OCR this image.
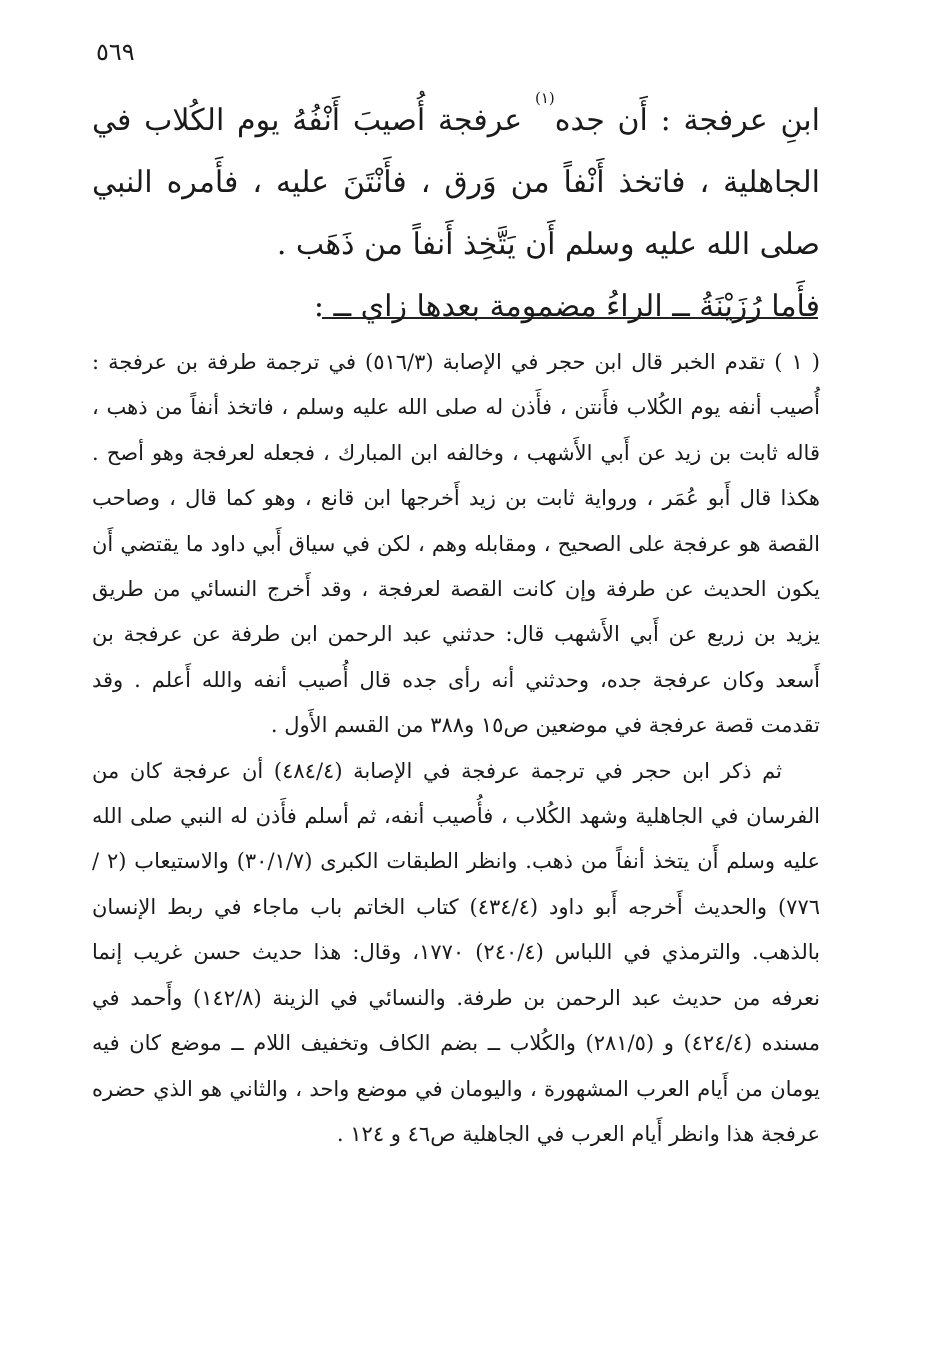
٥٦٩

ابنِ عرفجة : أَن جده$^{(١)}$ عرفجة أُصيبَ أَنْفُهُ يوم الكُلاب في الجاهلية ، فاتخذ أَنْفاً من وَرق ، فأَنْتَنَ عليه ، فأَمره النبي صلى الله عليه وسلم أَن يَتَّخِذ أَنفاً من ذَهَب .

فأَما رُزَيْنَةُ ــ الراءُ مضمومة بعدها زاي ــ :

( ١ ) تقدم الخبر قال ابن حجر في الإصابة (٥١٦/٣) في ترجمة طرفة بن عرفجة : أُصيب أنفه يوم الكُلاب فأَنتن ، فأَذن له صلى الله عليه وسلم ، فاتخذ أنفاً من ذهب ، قاله ثابت بن زيد عن أَبي الأَشهب ، وخالفه ابن المبارك ، فجعله لعرفجة وهو أصح . هكذا قال أَبو عُمَر ، ورواية ثابت بن زيد أَخرجها ابن قانع ، وهو كما قال ، وصاحب القصة هو عرفجة على الصحيح ، ومقابله وهم ، لكن في سياق أَبي داود ما يقتضي أَن يكون الحديث عن طرفة وإن كانت القصة لعرفجة ، وقد أَخرج النسائي من طريق يزيد بن زريع عن أَبي الأَشهب قال: حدثني عبد الرحمن ابن طرفة عن عرفجة بن أَسعد وكان عرفجة جده، وحدثني أنه رأى جده قال أُصيب أنفه والله أَعلم . وقد تقدمت قصة عرفجة في موضعين ص١٥ و٣٨٨ من القسم الأَول .

ثم ذكر ابن حجر في ترجمة عرفجة في الإصابة (٤٨٤/٤) أن عرفجة كان من الفرسان في الجاهلية وشهد الكُلاب ، فأُصيب أنفه، ثم أسلم فأَذن له النبي صلى الله عليه وسلم أَن يتخذ أنفاً من ذهب. وانظر الطبقات الكبرى (٣٠/١/٧) والاستيعاب (٢ /٧٧٦) والحديث أَخرجه أَبو داود (٤٣٤/٤) كتاب الخاتم باب ماجاء في ربط الإنسان بالذهب. والترمذي في اللباس (٢٤٠/٤) ١٧٧٠، وقال: هذا حديث حسن غريب إنما نعرفه من حديث عبد الرحمن بن طرفة. والنسائي في الزينة (١٤٢/٨) وأَحمد في مسنده (٤٢٤/٤) و (٢٨١/٥) والكُلاب ــ بضم الكاف وتخفيف اللام ــ موضع كان فيه يومان من أَيام العرب المشهورة ، واليومان في موضع واحد ، والثاني هو الذي حضره عرفجة هذا وانظر أَيام العرب في الجاهلية ص٤٦ و ١٢٤ .
